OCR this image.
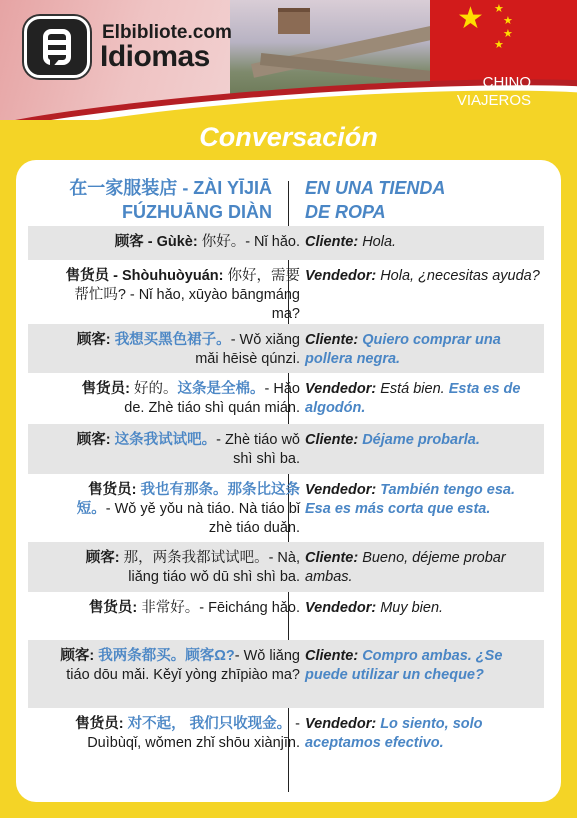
★ ★
★
★
★
Elbibliote.com
Idiomas
CHINO
VIAJEROS
Conversación
在一家服装店 - ZÀI YĪJIĀ
FÚZHUĀNG DIÀN
EN UNA TIENDA
DE ROPA
顾客 - Gùkè: 你好。- Nǐ hǎo. Cliente: Hola.
售货员 - Shòuhuòyuán: 你好，需要帮忙吗? - Nǐ hǎo, xūyào bāngmáng ma?
Vendedor: Hola, ¿necesitas ayuda?
顾客: 我想买黑色裙子。- Wǒ xiǎng mǎi hēisè qúnzi.
Cliente: Quiero comprar una pollera negra.
售货员: 好的。这条是全棉。- Hǎo de. Zhè tiáo shì quán mián.
Vendedor: Está bien. Esta es de algodón.
顾客: 这条我试试吧。- Zhè tiáo wǒ shì shì ba.
Cliente: Déjame probarla.
售货员: 我也有那条。那条比这条短。- Wǒ yě yǒu nà tiáo. Nà tiáo bǐ zhè tiáo duǎn.
Vendedor: También tengo esa. Esa es más corta que esta.
顾客: 那，两条我都试试吧。- Nà, liǎng tiáo wǒ dū shì shì ba.
Cliente: Bueno, déjeme probar ambas.
售货员: 非常好。- Fēicháng hǎo. Vendedor: Muy bien.
顾客: 我两条都买。顾客Ω?- Wǒ liǎng tiáo dōu mǎi. Kěyǐ yòng zhīpiào ma?
Cliente: Compro ambas. ¿Se puede utilizar un cheque?
售货员: 对不起， 我们只收现金。 - Duìbùqǐ, wǒmen zhǐ shōu xiànjīn.
Vendedor: Lo siento, solo aceptamos efectivo.
